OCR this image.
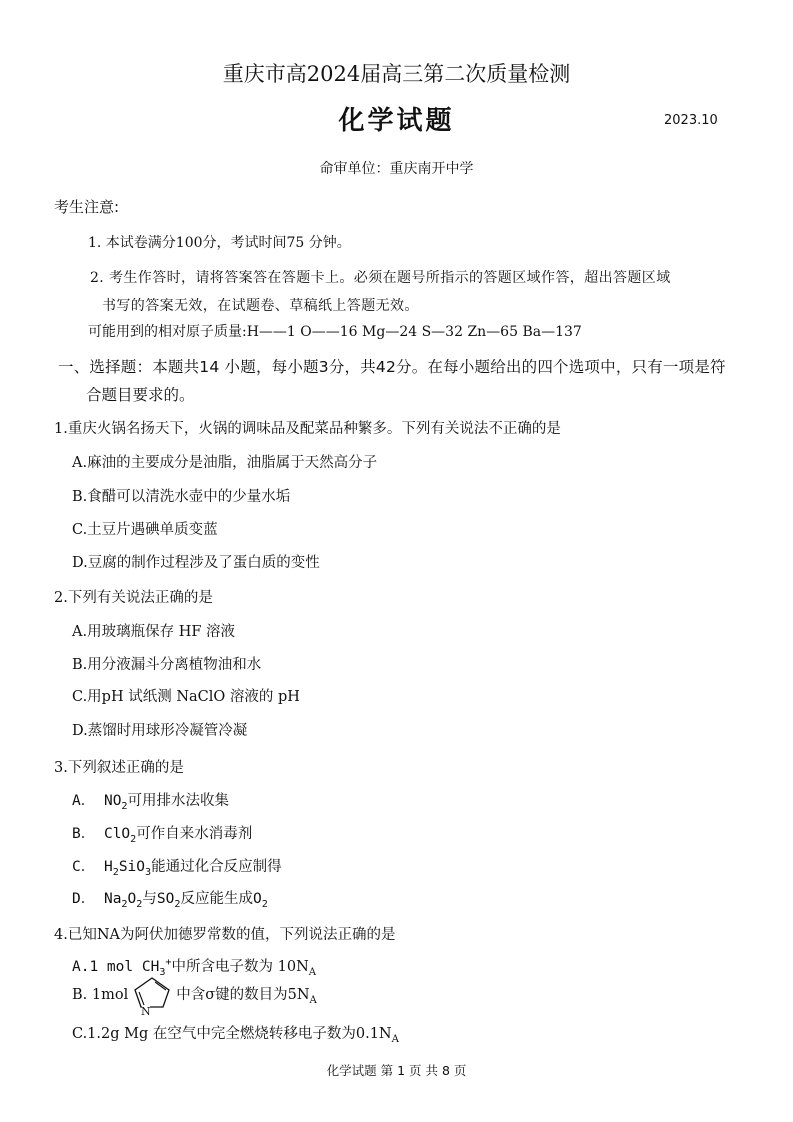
重庆市高2024届高三第二次质量检测
化学试题	2023.10
命审单位：重庆南开中学
考生注意:
1. 本试卷满分100分，考试时间75 分钟。
2. 考生作答时，请将答案答在答题卡上。必须在题号所指示的答题区域作答，超出答题区域
书写的答案无效，在试题卷、草稿纸上答题无效。
可能用到的相对原子质量:H——1 O——16 Mg—24 S—32 Zn—65 Ba—137
一、选择题：本题共14 小题，每小题3分，共42分。在每小题给出的四个选项中，只有一项是符
合题目要求的。
1.重庆火锅名扬天下，火锅的调味品及配菜品种繁多。下列有关说法不正确的是
A.麻油的主要成分是油脂，油脂属于天然高分子
B.食醋可以清洗水壶中的少量水垢
C.土豆片遇碘单质变蓝
D.豆腐的制作过程涉及了蛋白质的变性
2.下列有关说法正确的是
A.用玻璃瓶保存 HF 溶液
B.用分液漏斗分离植物油和水
C.用pH 试纸测 NaClO 溶液的 pH
D.蒸馏时用球形冷凝管冷凝
3.下列叙述正确的是
A． $NO_2$可用排水法收集
B． ClO$_2$可作自来水消毒剂
C． $H_2SiO_3$能通过化合反应制得
D． $Na_2O_2$与$SO_2$反应能生成$O_2$
4.已知NA为阿伏加德罗常数的值，下列说法正确的是
A.1 mol $CH_3^+$中所含电子数为 $10N_A$
B. 1mol
N
中含σ键的数目为$5N_A$
C.1.2g Mg 在空气中完全燃烧转移电子数为$0.1N_A$
化学试题 第 1 页 共 8 页
